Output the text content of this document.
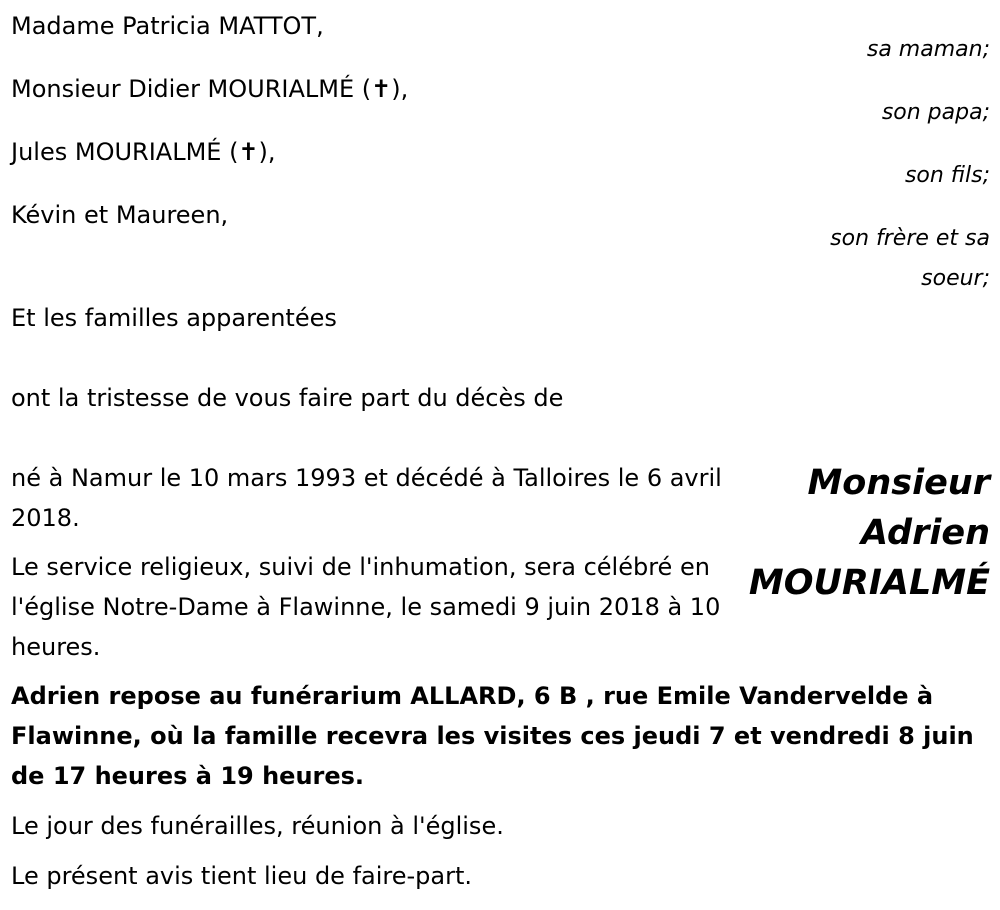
Madame Patricia MATTOT,
sa maman;
Monsieur Didier MOURIALMÉ (✝),
son papa;
Jules MOURIALMÉ (✝),
son fils;
Kévin et Maureen,
son frère et sa
soeur;
Et les familles apparentées
ont la tristesse de vous faire part du décès de
Monsieur
Adrien
MOURIALMÉ
né à Namur le 10 mars 1993 et décédé à Talloires le 6 avril 2018.
Le service religieux, suivi de l'inhumation, sera célébré en l'église Notre-Dame à Flawinne, le samedi 9 juin 2018 à 10 heures.
Adrien repose au funérarium ALLARD, 6 B , rue Emile Vandervelde à Flawinne, où la famille recevra les visites ces jeudi 7 et vendredi 8 juin de 17 heures à 19 heures.
Le jour des funérailles, réunion à l'église.
Le présent avis tient lieu de faire-part.
